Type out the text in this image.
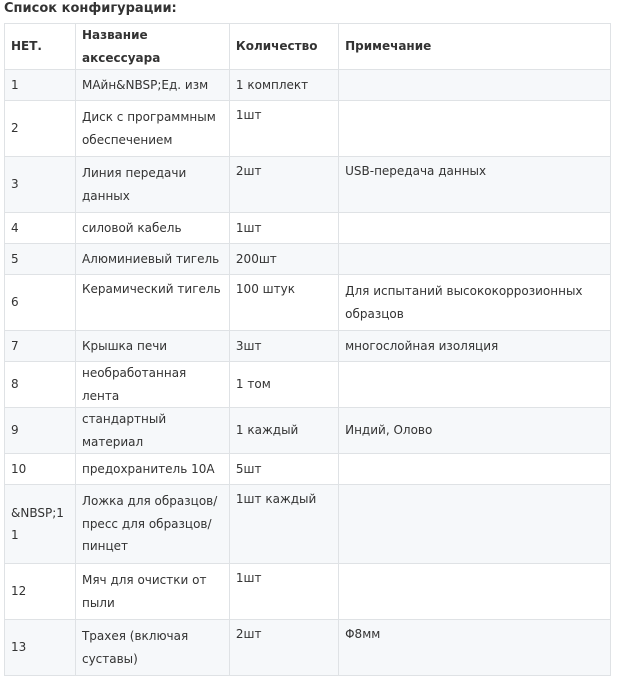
Список конфигурации:
НЕТ.	Название аксессуара	Количество	Примечание
1	МАйн&NBSP;Ед. изм	1 комплект	
2	Диск с программным обеспечением	1шт	
3	Линия передачи данных	2шт	USB-передача данных
4	силовой кабель	1шт	
5	Алюминиевый тигель	200шт	
6	Керамический тигель	100 штук	Для испытаний высококоррозионных образцов
7	Крышка печи	3шт	многослойная изоляция
8	необработанная лента	1 том	
9	стандартный материал	1 каждый	Индий, Олово
10	предохранитель 10А	5шт	
&NBSP;11	Ложка для образцов/ пресс для образцов/ пинцет	1шт каждый	
12	Мяч для очистки от пыли	1шт	
13	Трахея (включая суставы)	2шт	Φ8мм
